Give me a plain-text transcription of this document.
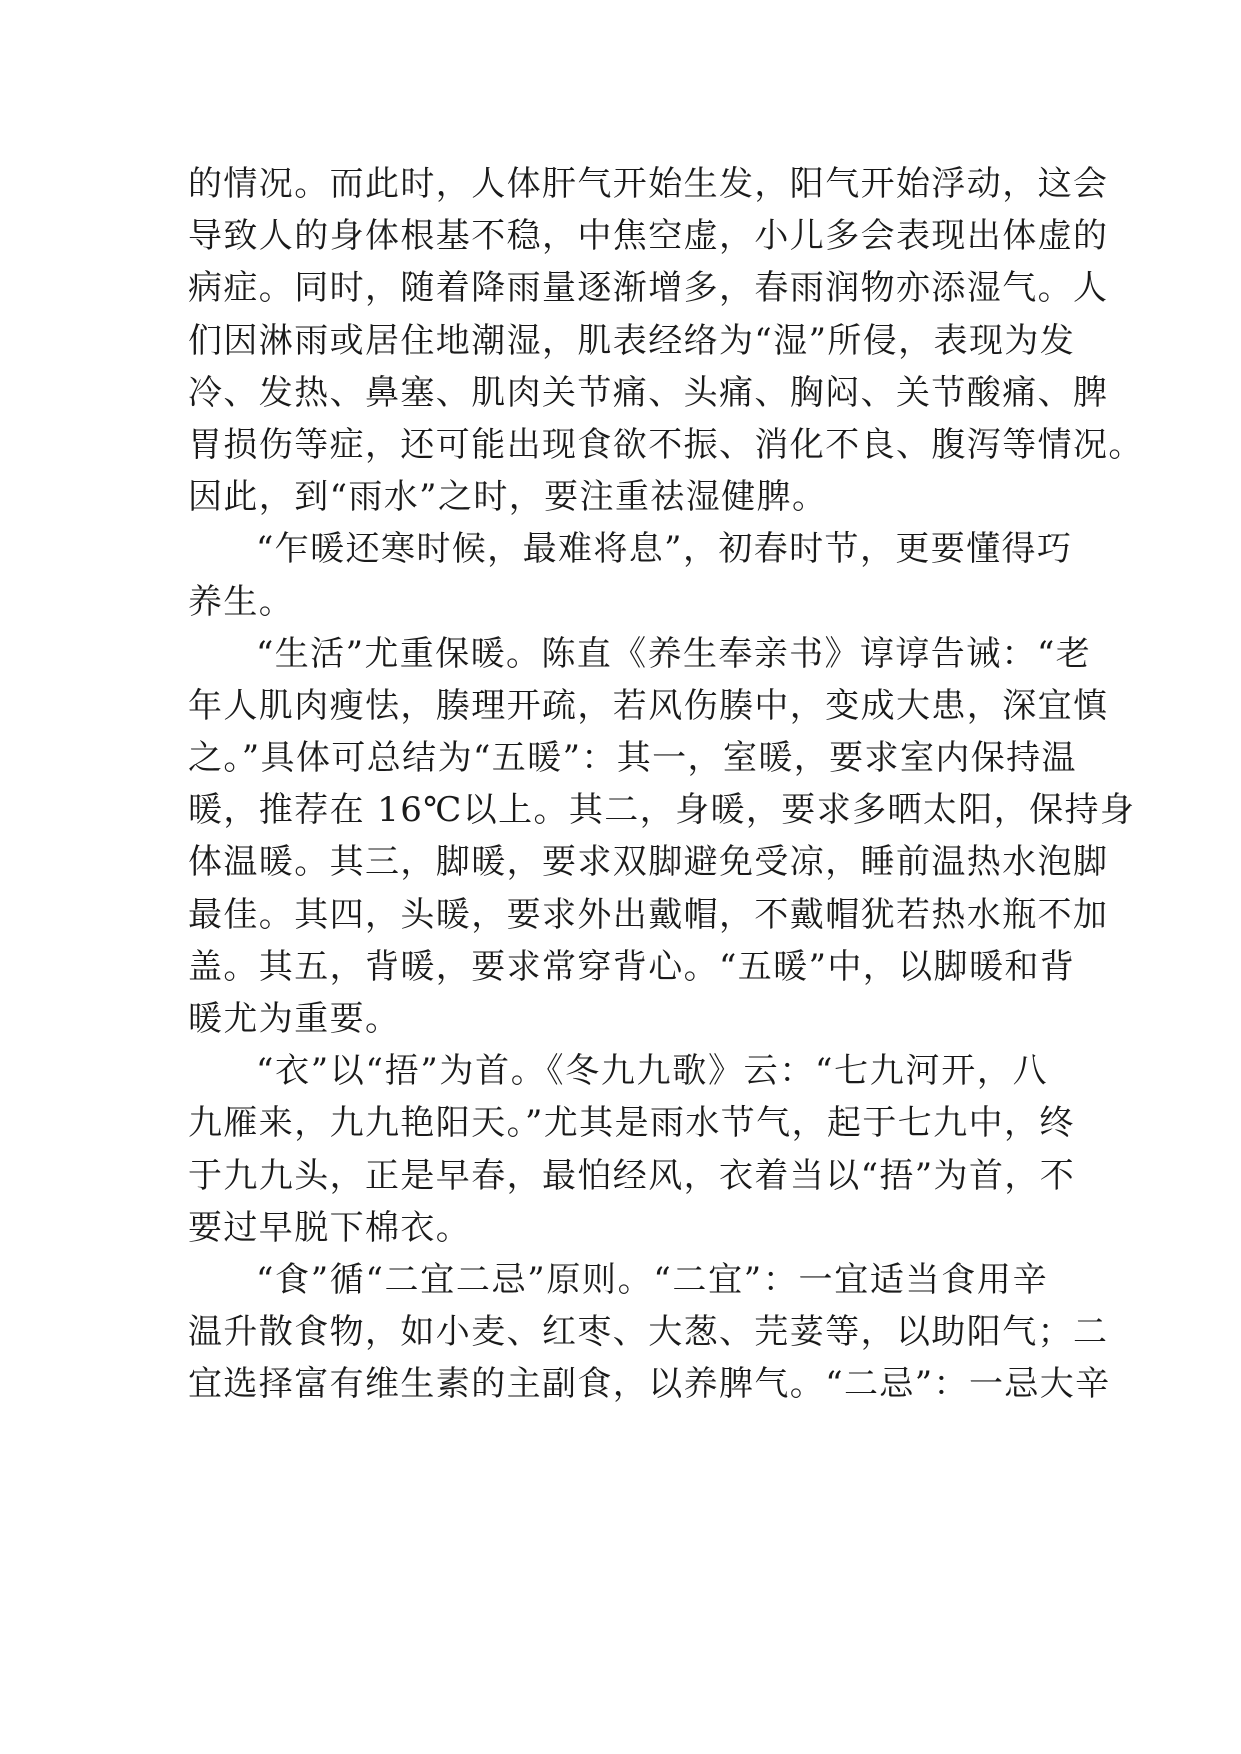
的情况。而此时，人体肝气开始生发，阳气开始浮动，这会
导致人的身体根基不稳，中焦空虚，小儿多会表现出体虚的
病症。同时，随着降雨量逐渐增多，春雨润物亦添湿气。人
们因淋雨或居住地潮湿，肌表经络为“湿”所侵，表现为发
冷、发热、鼻塞、肌肉关节痛、头痛、胸闷、关节酸痛、脾
胃损伤等症，还可能出现食欲不振、消化不良、腹泻等情况。
因此，到“雨水”之时，要注重祛湿健脾。
“乍暖还寒时候，最难将息”，初春时节，更要懂得巧
养生。
“生活”尤重保暖。陈直《养生奉亲书》谆谆告诫：“老
年人肌肉瘦怯，腠理开疏，若风伤腠中，变成大患，深宜慎
之。”具体可总结为“五暖”：其一，室暖，要求室内保持温
暖，推荐在 16℃以上。其二，身暖，要求多晒太阳，保持身
体温暖。其三，脚暖，要求双脚避免受凉，睡前温热水泡脚
最佳。其四，头暖，要求外出戴帽，不戴帽犹若热水瓶不加
盖。其五，背暖，要求常穿背心。“五暖”中，以脚暖和背
暖尤为重要。
“衣”以“捂”为首。《冬九九歌》云：“七九河开，八
九雁来，九九艳阳天。”尤其是雨水节气，起于七九中，终
于九九头，正是早春，最怕经风，衣着当以“捂”为首，不
要过早脱下棉衣。
“食”循“二宜二忌”原则。“二宜”：一宜适当食用辛
温升散食物，如小麦、红枣、大葱、芫荽等，以助阳气；二
宜选择富有维生素的主副食，以养脾气。“二忌”：一忌大辛
